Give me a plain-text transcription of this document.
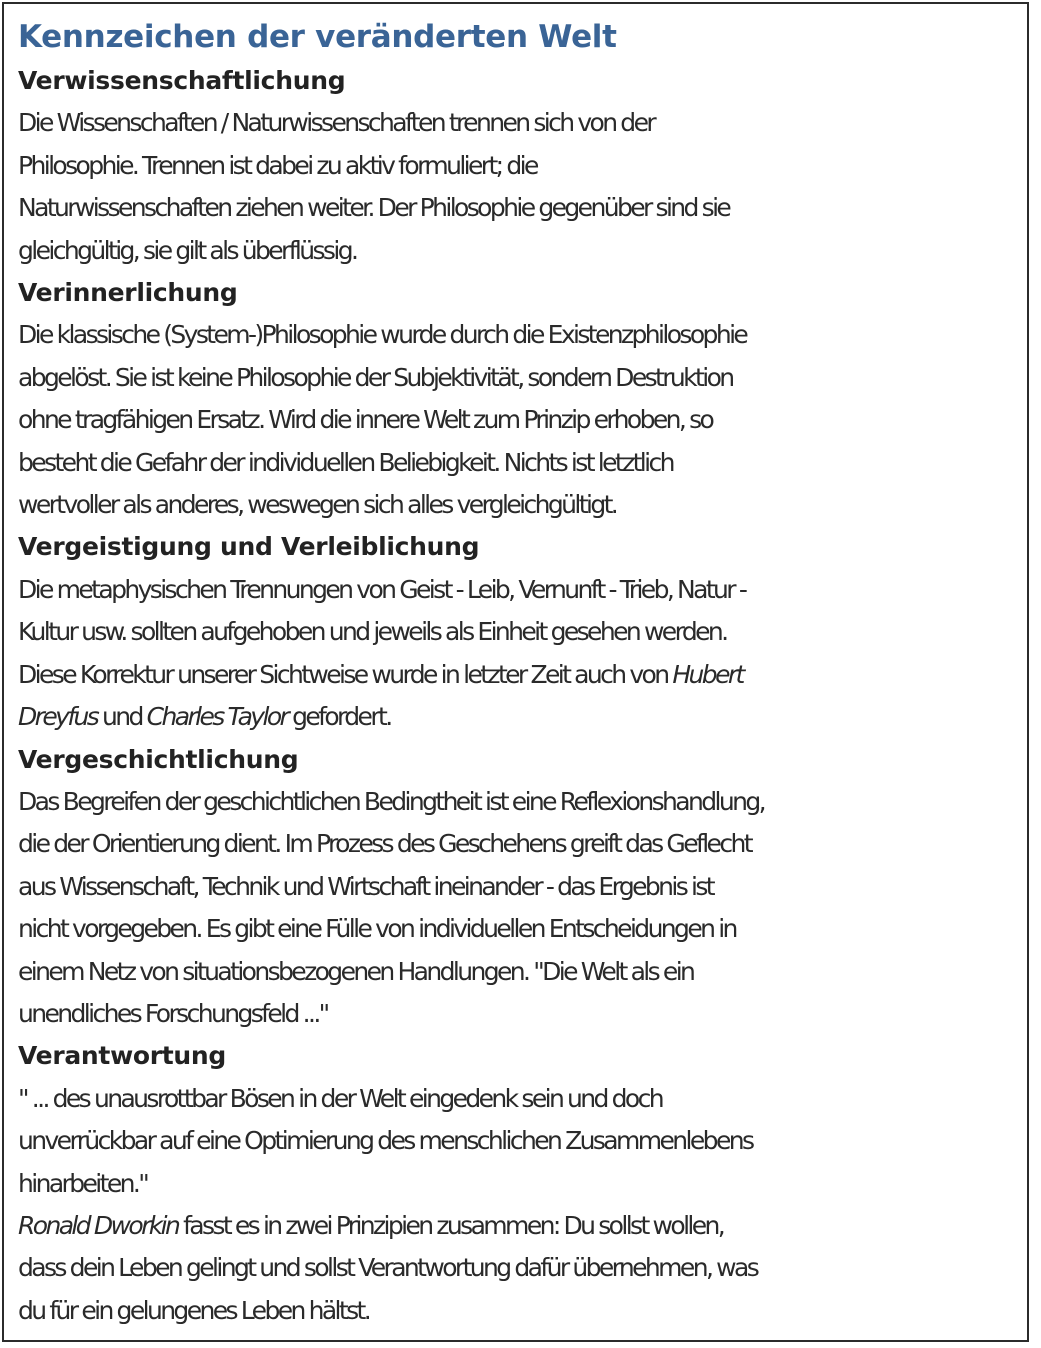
Kennzeichen der veränderten Welt
Verwissenschaftlichung

Die Wissenschaften / Naturwissenschaften trennen sich von der
Philosophie. Trennen ist dabei zu aktiv formuliert; die
Naturwissenschaften ziehen weiter. Der Philosophie gegenüber sind sie
gleichgültig, sie gilt als überflüssig.

Verinnerlichung

Die klassische (System-)Philosophie wurde durch die Existenzphilosophie
abgelöst. Sie ist keine Philosophie der Subjektivität, sondern Destruktion
ohne tragfähigen Ersatz. Wird die innere Welt zum Prinzip erhoben, so
besteht die Gefahr der individuellen Beliebigkeit. Nichts ist letztlich
wertvoller als anderes, weswegen sich alles vergleichgültigt.

Vergeistigung und Verleiblichung

Die metaphysischen Trennungen von Geist - Leib, Vernunft - Trieb, Natur -
Kultur usw. sollten aufgehoben und jeweils als Einheit gesehen werden.
Diese Korrektur unserer Sichtweise wurde in letzter Zeit auch von Hubert
Dreyfus und Charles Taylor gefordert.

Vergeschichtlichung

Das Begreifen der geschichtlichen Bedingtheit ist eine Reflexionshandlung,
die der Orientierung dient. Im Prozess des Geschehens greift das Geflecht
aus Wissenschaft, Technik und Wirtschaft ineinander - das Ergebnis ist
nicht vorgegeben. Es gibt eine Fülle von individuellen Entscheidungen in
einem Netz von situationsbezogenen Handlungen. "Die Welt als ein
unendliches Forschungsfeld ..."

Verantwortung

" ... des unausrottbar Bösen in der Welt eingedenk sein und doch
unverrückbar auf eine Optimierung des menschlichen Zusammenlebens
hinarbeiten."
Ronald Dworkin fasst es in zwei Prinzipien zusammen: Du sollst wollen,
dass dein Leben gelingt und sollst Verantwortung dafür übernehmen, was
du für ein gelungenes Leben hältst.
